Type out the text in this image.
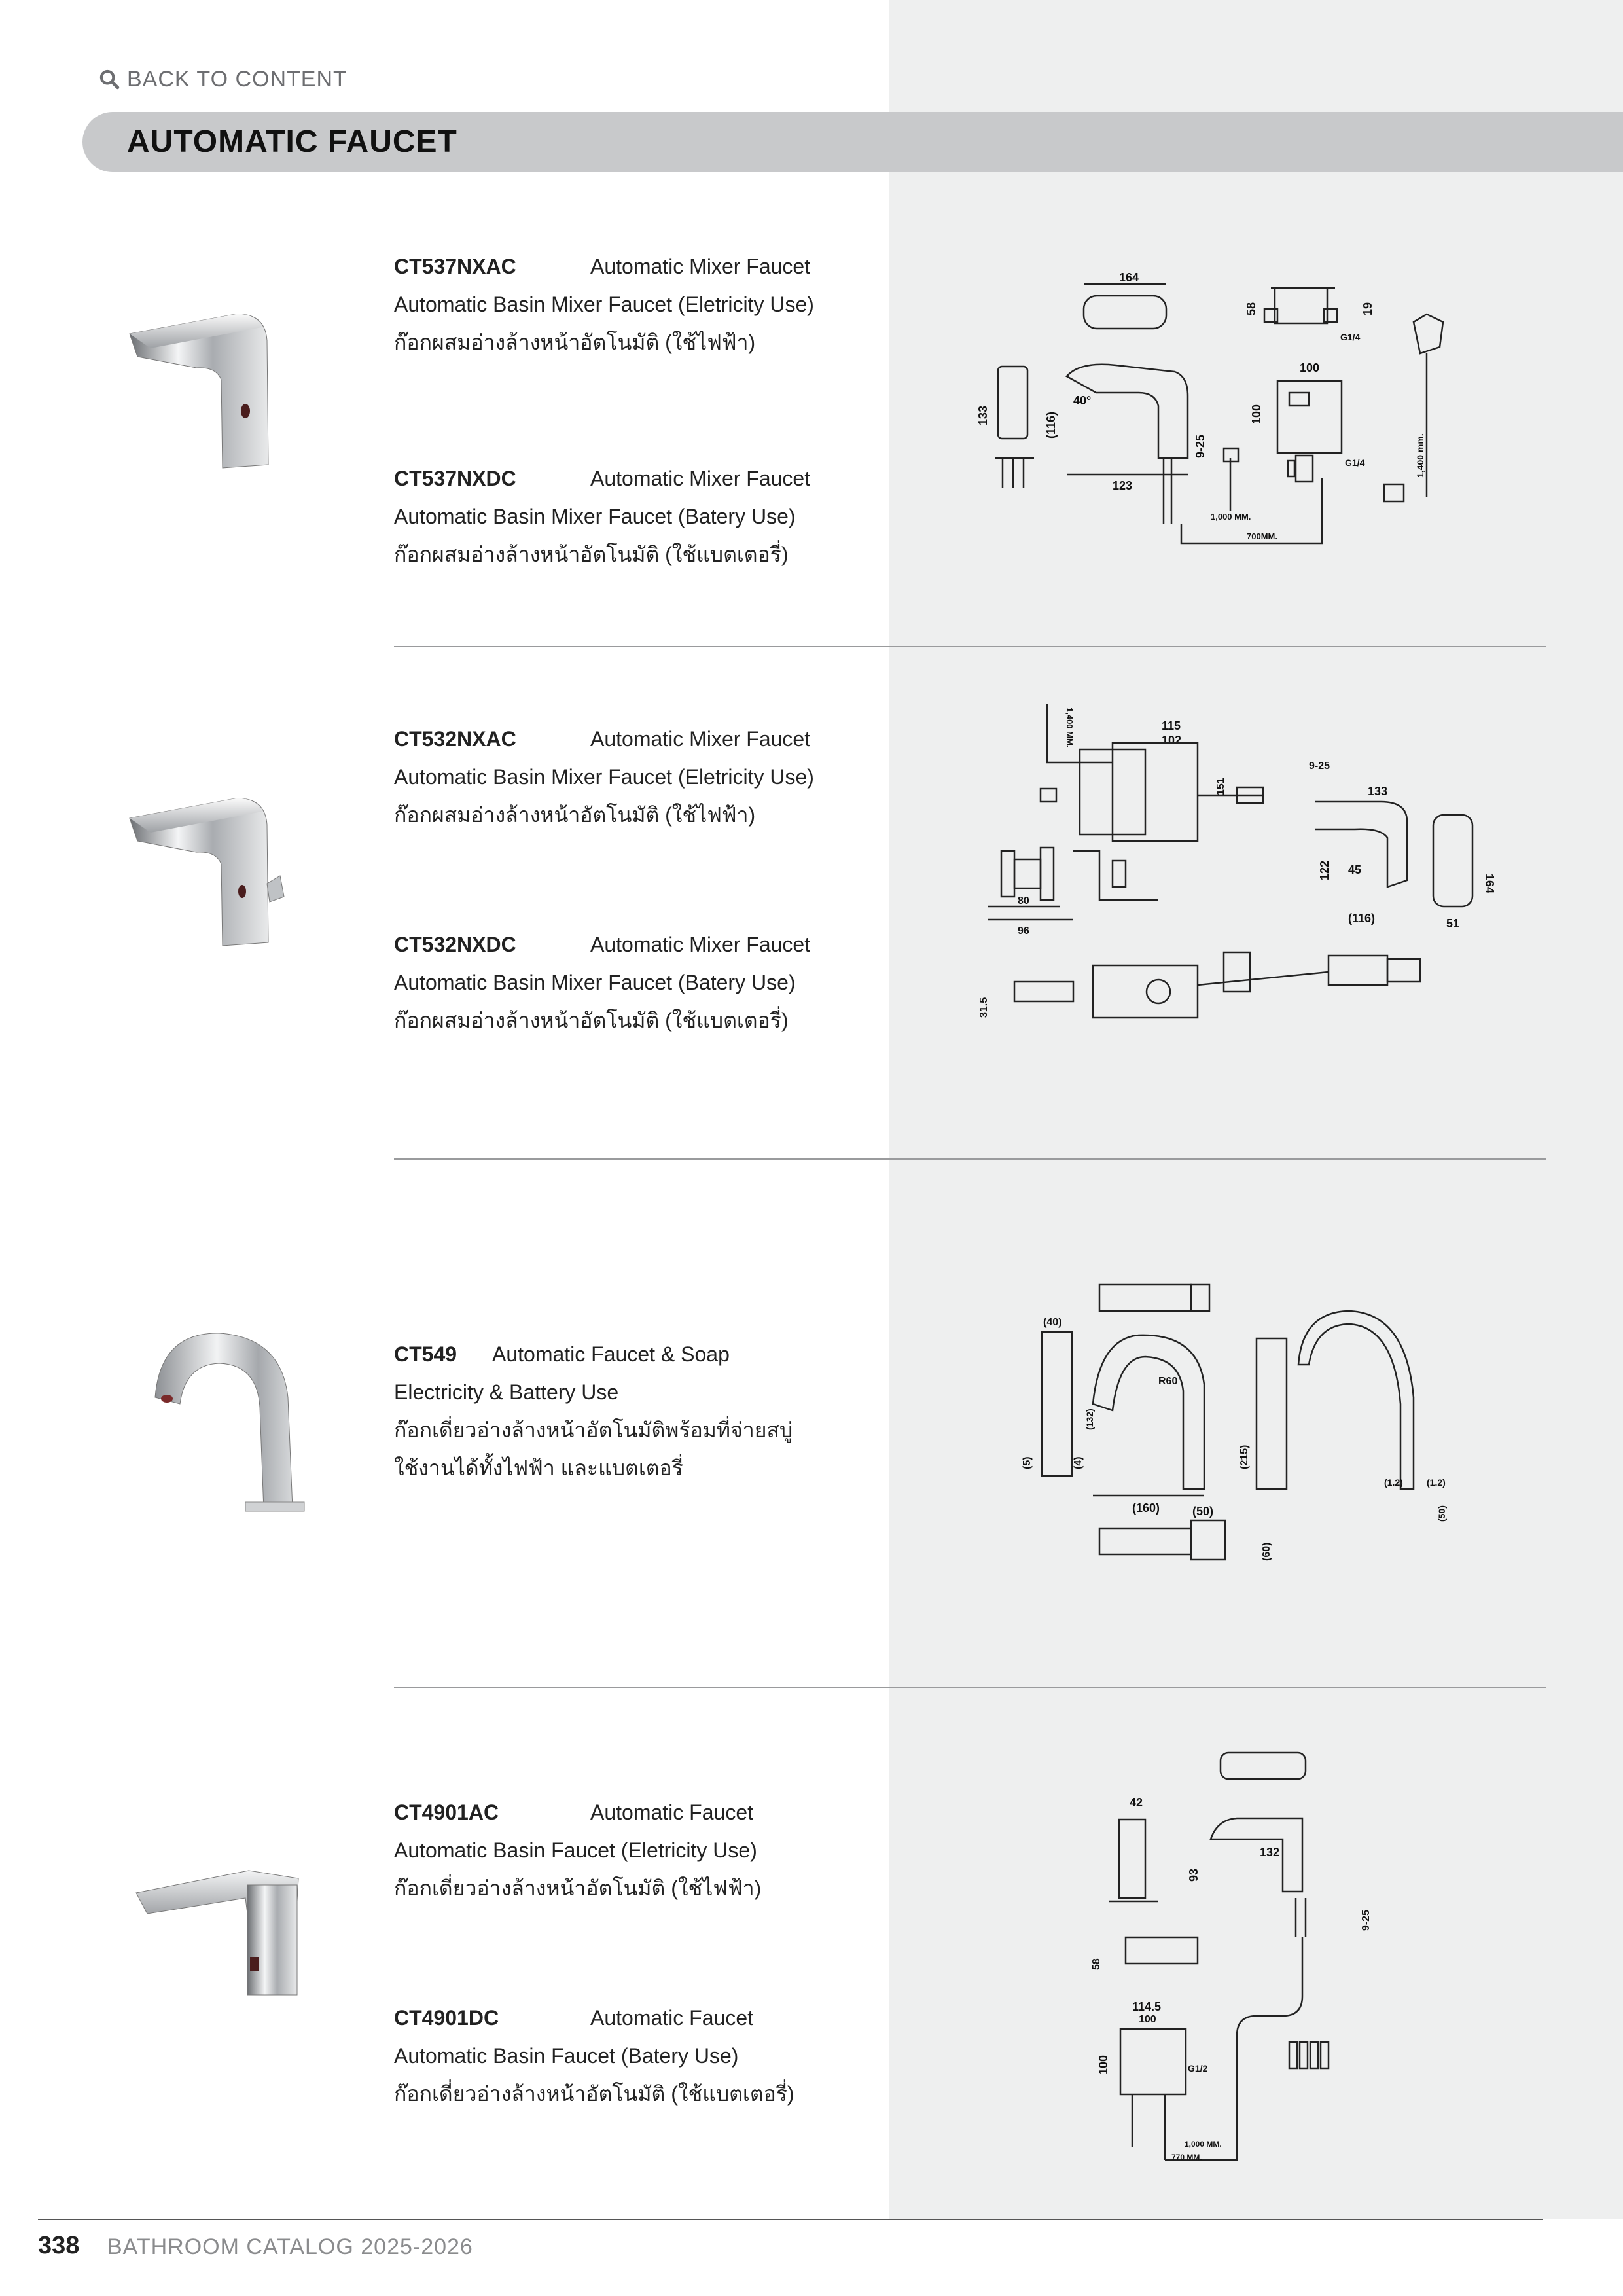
BACK TO CONTENT
AUTOMATIC FAUCET
CT537NXAC	Automatic Mixer Faucet

Automatic Basin Mixer Faucet (Eletricity Use)

ก๊อกผสมอ่างล้างหน้าอัตโนมัติ (ใช้ไฟฟ้า)

CT537NXDC	Automatic Mixer Faucet

Automatic Basin Mixer Faucet (Batery Use)

ก๊อกผสมอ่างล้างหน้าอัตโนมัติ (ใช้แบตเตอรี่)

164
58	19
G1/4
1,400 mm.
133
40°
(116)
9-25
123
1,000 MM.
700MM.
100
100
G1/4
CT532NXAC	Automatic Mixer Faucet

Automatic Basin Mixer Faucet (Eletricity Use)

ก๊อกผสมอ่างล้างหน้าอัตโนมัติ (ใช้ไฟฟ้า)

CT532NXDC	Automatic Mixer Faucet

Automatic Basin Mixer Faucet (Batery Use)

ก๊อกผสมอ่างล้างหน้าอัตโนมัติ (ใช้แบตเตอรี่)

115
102
151
1,400 MM.
9-25
133
45
122
(116)
164
51
80
96
31.5
CT549	Automatic Faucet & Soap

Electricity & Battery Use

ก๊อกเดี่ยวอ่างล้างหน้าอัตโนมัติพร้อมที่จ่ายสบู่

ใช้งานได้ทั้งไฟฟ้า และแบตเตอรี่

(40)
(5)	(4)
(132)
R60
(215)
(160)	(50)
(1.2)	(1.2)
(50)
(60)
CT4901AC	Automatic Faucet

Automatic Basin Faucet (Eletricity Use)

ก๊อกเดี่ยวอ่างล้างหน้าอัตโนมัติ (ใช้ไฟฟ้า)

CT4901DC	Automatic Faucet

Automatic Basin Faucet (Batery Use)

ก๊อกเดี่ยวอ่างล้างหน้าอัตโนมัติ (ใช้แบตเตอรี่)

42
93
132
9-25
58
114.5
100
100	G1/2
1,000 MM.
770 MM.
338 BATHROOM CATALOG 2025-2026
